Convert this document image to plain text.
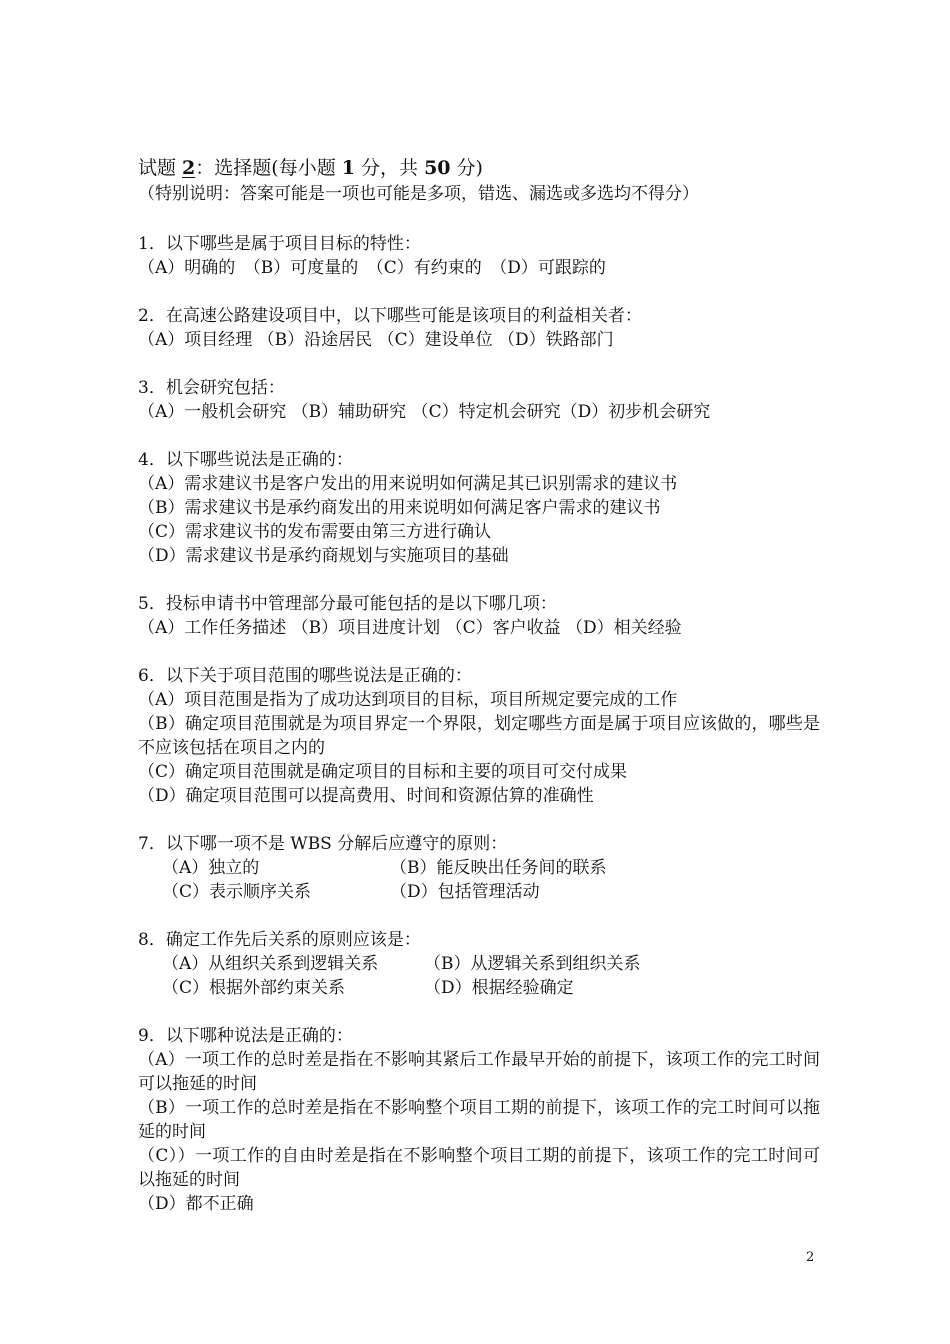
试题 2：选择题(每小题 1 分，共 50 分)
（特别说明：答案可能是一项也可能是多项，错选、漏选或多选均不得分）
1．以下哪些是属于项目目标的特性：
（A）明确的　（B）可度量的　（C）有约束的　（D）可跟踪的
2．在高速公路建设项目中，以下哪些可能是该项目的利益相关者：
（A）项目经理 （B）沿途居民 （C）建设单位 （D）铁路部门
3．机会研究包括：
（A）一般机会研究 （B）辅助研究 （C）特定机会研究（D）初步机会研究
4．以下哪些说法是正确的：
（A）需求建议书是客户发出的用来说明如何满足其已识别需求的建议书
（B）需求建议书是承约商发出的用来说明如何满足客户需求的建议书
（C）需求建议书的发布需要由第三方进行确认
（D）需求建议书是承约商规划与实施项目的基础
5．投标申请书中管理部分最可能包括的是以下哪几项：
（A）工作任务描述 （B）项目进度计划 （C）客户收益 （D）相关经验
6．以下关于项目范围的哪些说法是正确的：
（A）项目范围是指为了成功达到项目的目标，项目所规定要完成的工作
（B）确定项目范围就是为项目界定一个界限，划定哪些方面是属于项目应该做的，哪些是不应该包括在项目之内的
（C）确定项目范围就是确定项目的目标和主要的项目可交付成果
（D）确定项目范围可以提高费用、时间和资源估算的准确性
7．以下哪一项不是 WBS 分解后应遵守的原则：
（A）独立的	（B）能反映出任务间的联系
（C）表示顺序关系	（D）包括管理活动
8．确定工作先后关系的原则应该是：
（A）从组织关系到逻辑关系	（B）从逻辑关系到组织关系
（C）根据外部约束关系	（D）根据经验确定
9．以下哪种说法是正确的：
（A）一项工作的总时差是指在不影响其紧后工作最早开始的前提下，该项工作的完工时间可以拖延的时间
（B）一项工作的总时差是指在不影响整个项目工期的前提下，该项工作的完工时间可以拖延的时间
（C））一项工作的自由时差是指在不影响整个项目工期的前提下，该项工作的完工时间可以拖延的时间
（D）都不正确
2
